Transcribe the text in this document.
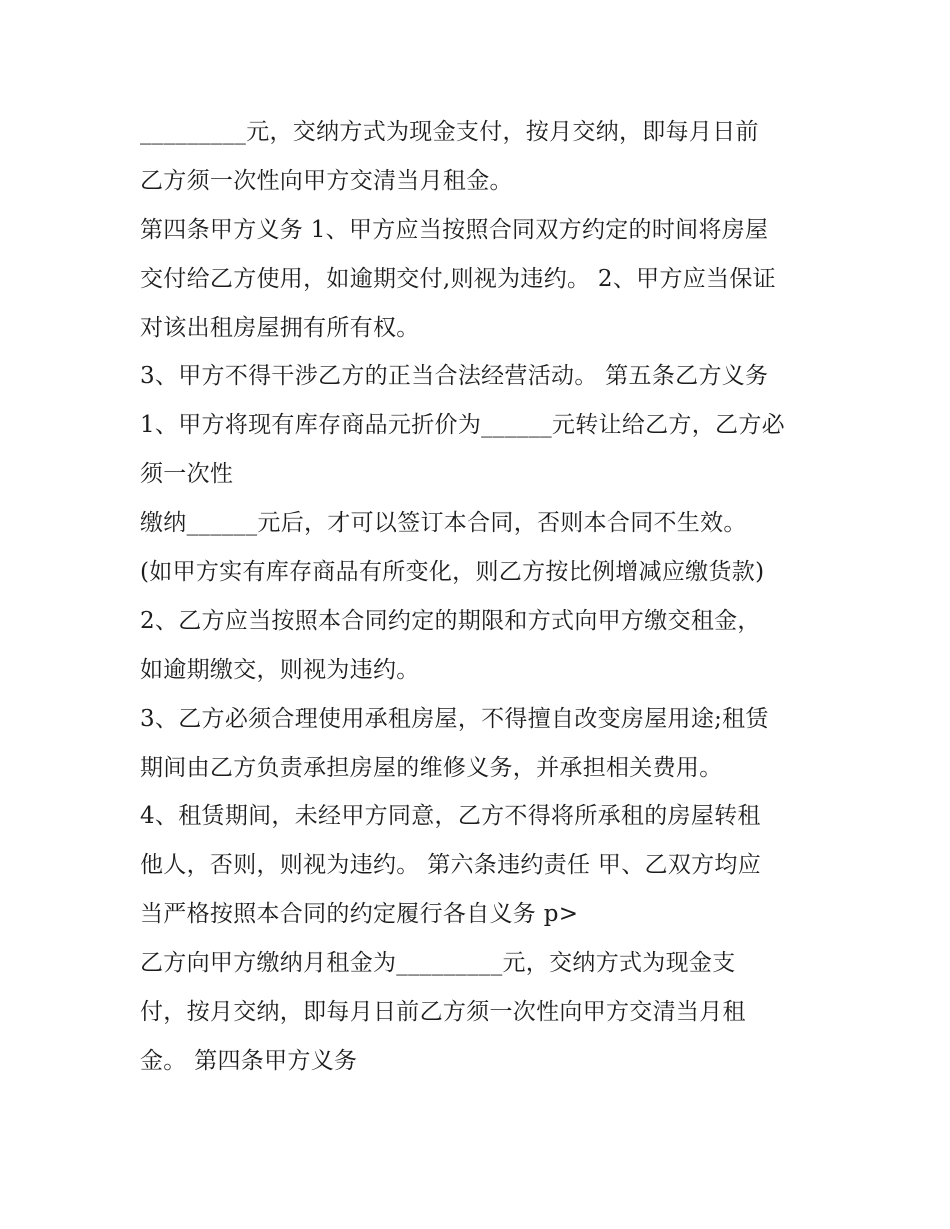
_________元，交纳方式为现金支付，按月交纳，即每月日前
乙方须一次性向甲方交清当月租金。
第四条甲方义务 1、甲方应当按照合同双方约定的时间将房屋
交付给乙方使用，如逾期交付,则视为违约。 2、甲方应当保证
对该出租房屋拥有所有权。
3、甲方不得干涉乙方的正当合法经营活动。 第五条乙方义务
1、甲方将现有库存商品元折价为______元转让给乙方，乙方必
须一次性
缴纳______元后，才可以签订本合同，否则本合同不生效。
(如甲方实有库存商品有所变化，则乙方按比例增减应缴货款)
2、乙方应当按照本合同约定的期限和方式向甲方缴交租金，
如逾期缴交，则视为违约。
3、乙方必须合理使用承租房屋，不得擅自改变房屋用途;租赁
期间由乙方负责承担房屋的维修义务，并承担相关费用。
4、租赁期间，未经甲方同意，乙方不得将所承租的房屋转租
他人，否则，则视为违约。 第六条违约责任 甲、乙双方均应
当严格按照本合同的约定履行各自义务 p>
乙方向甲方缴纳月租金为_________元，交纳方式为现金支
付，按月交纳，即每月日前乙方须一次性向甲方交清当月租
金。 第四条甲方义务
